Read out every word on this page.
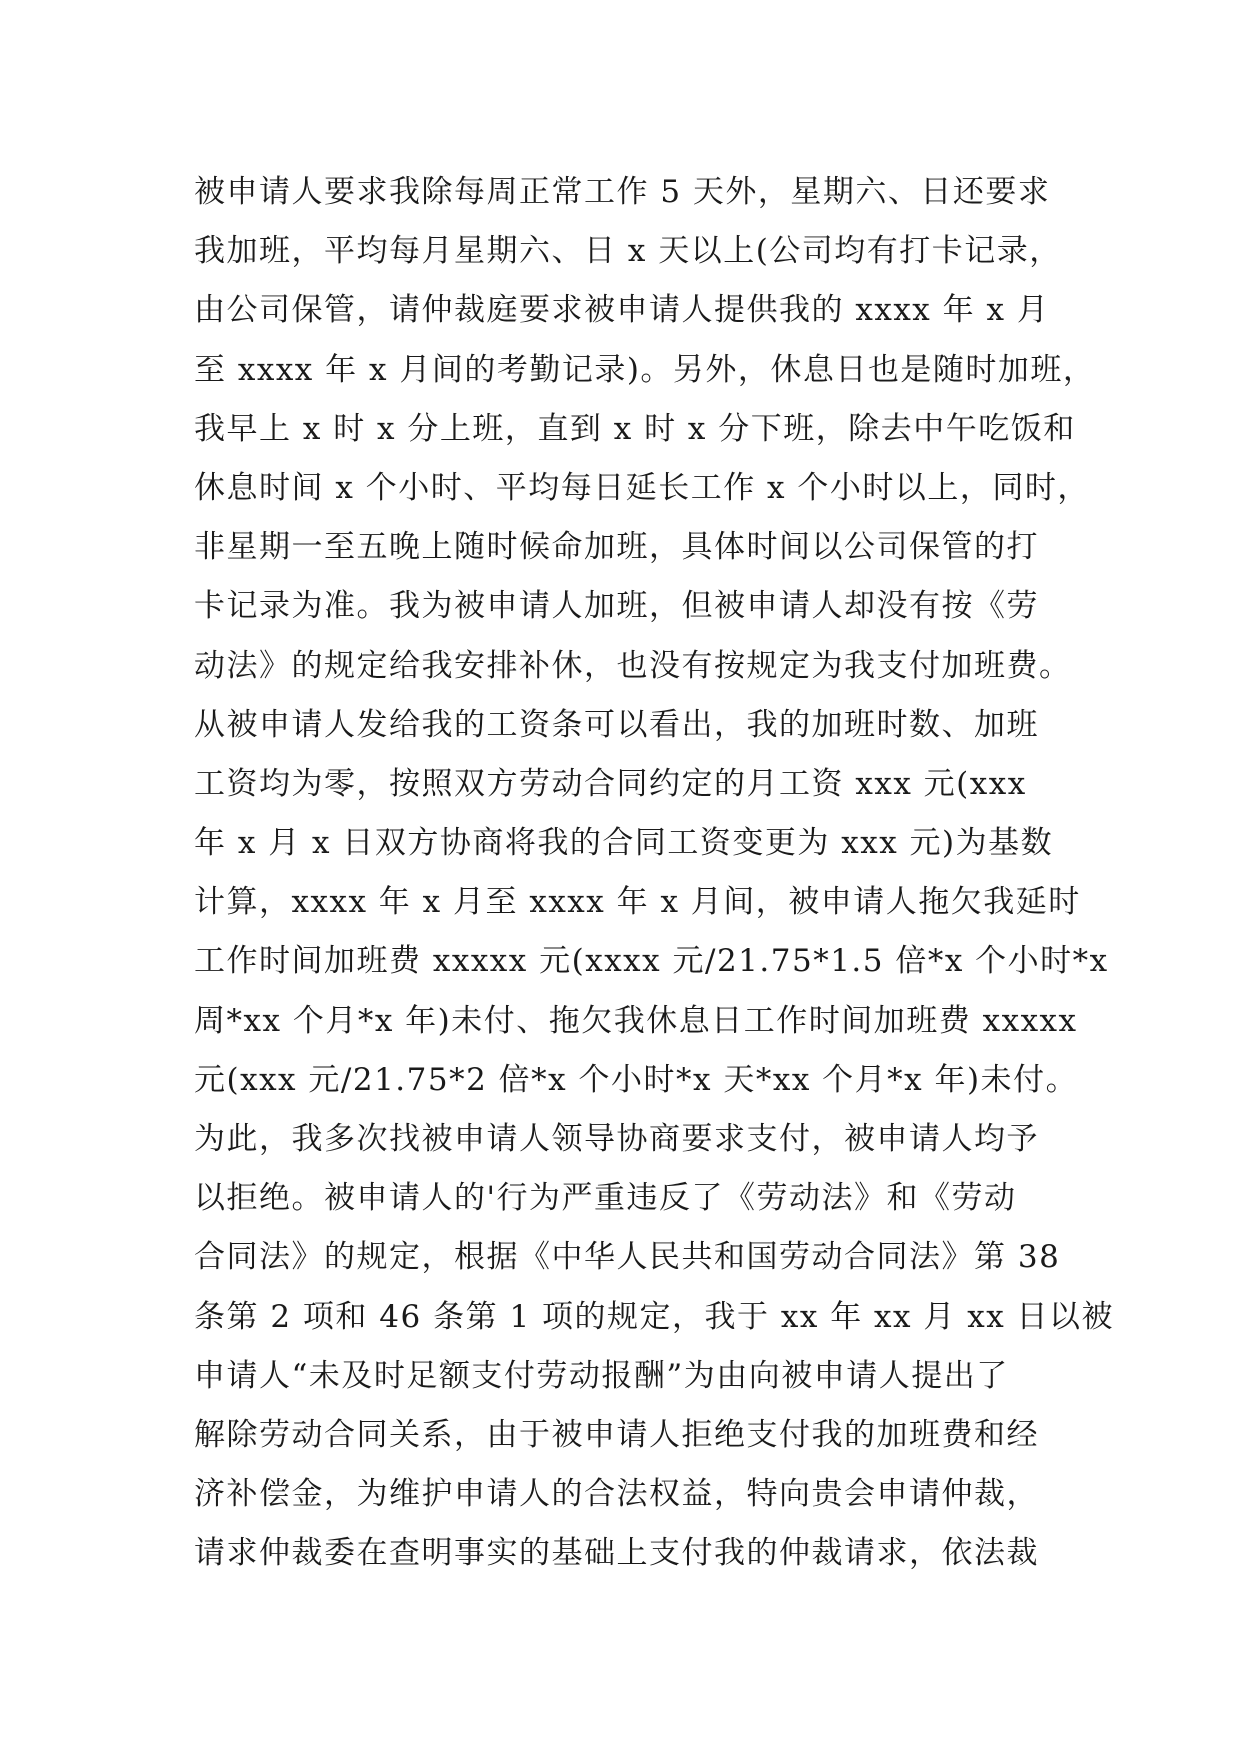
被申请人要求我除每周正常工作 5 天外，星期六、日还要求
我加班，平均每月星期六、日 x 天以上(公司均有打卡记录，
由公司保管，请仲裁庭要求被申请人提供我的 xxxx 年 x 月
至 xxxx 年 x 月间的考勤记录)。另外，休息日也是随时加班，
我早上 x 时 x 分上班，直到 x 时 x 分下班，除去中午吃饭和
休息时间 x 个小时、平均每日延长工作 x 个小时以上，同时，
非星期一至五晚上随时候命加班，具体时间以公司保管的打
卡记录为准。我为被申请人加班，但被申请人却没有按《劳
动法》的规定给我安排补休，也没有按规定为我支付加班费。
从被申请人发给我的工资条可以看出，我的加班时数、加班
工资均为零，按照双方劳动合同约定的月工资 xxx 元(xxx
年 x 月 x 日双方协商将我的合同工资变更为 xxx 元)为基数
计算，xxxx 年 x 月至 xxxx 年 x 月间，被申请人拖欠我延时
工作时间加班费 xxxxx 元(xxxx 元/21.75*1.5 倍*x 个小时*x
周*xx 个月*x 年)未付、拖欠我休息日工作时间加班费 xxxxx
元(xxx 元/21.75*2 倍*x 个小时*x 天*xx 个月*x 年)未付。
为此，我多次找被申请人领导协商要求支付，被申请人均予
以拒绝。被申请人的'行为严重违反了《劳动法》和《劳动
合同法》的规定，根据《中华人民共和国劳动合同法》第 38
条第 2 项和 46 条第 1 项的规定，我于 xx 年 xx 月 xx 日以被
申请人“未及时足额支付劳动报酬”为由向被申请人提出了
解除劳动合同关系，由于被申请人拒绝支付我的加班费和经
济补偿金，为维护申请人的合法权益，特向贵会申请仲裁，
请求仲裁委在查明事实的基础上支付我的仲裁请求，依法裁
